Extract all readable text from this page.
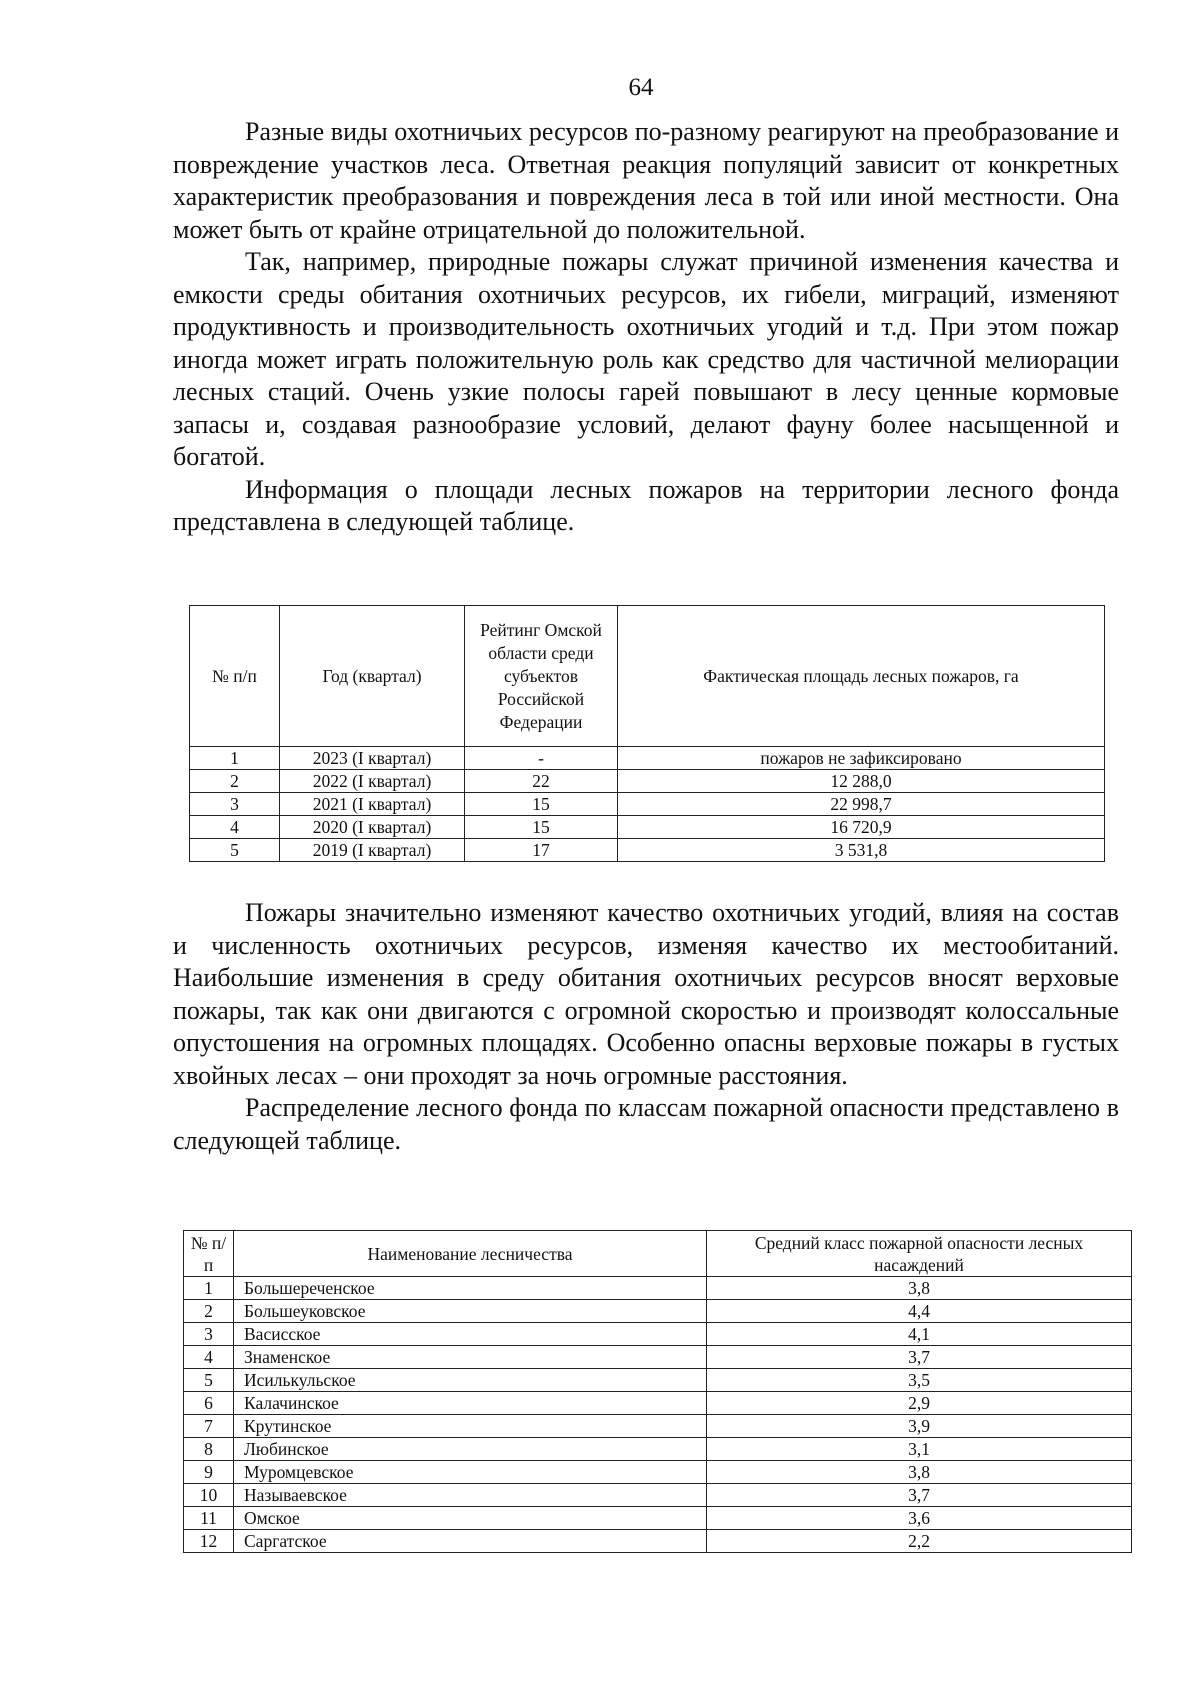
64

Разные виды охотничьих ресурсов по-разному реагируют на преобразование и повреждение участков леса. Ответная реакция популяций зависит от конкретных характеристик преобразования и повреждения леса в той или иной местности. Она может быть от крайне отрицательной до положительной.

Так, например, природные пожары служат причиной изменения качества и емкости среды обитания охотничьих ресурсов, их гибели, миграций, изменяют продуктивность и производительность охотничьих угодий и т.д. При этом пожар иногда может играть положительную роль как средство для частичной мелиорации лесных стаций. Очень узкие полосы гарей повышают в лесу ценные кормовые запасы и, создавая разнообразие условий, делают фауну более насыщенной и богатой.

Информация о площади лесных пожаров на территории лесного фонда представлена в следующей таблице.

№ п/п	Год (квартал)	Рейтинг Омской области среди субъектов Российской Федерации	Фактическая площадь лесных пожаров, га
1	2023 (I квартал)	-	пожаров не зафиксировано
2	2022 (I квартал)	22	12 288,0
3	2021 (I квартал)	15	22 998,7
4	2020 (I квартал)	15	16 720,9
5	2019 (I квартал)	17	3 531,8

Пожары значительно изменяют качество охотничьих угодий, влияя на состав и численность охотничьих ресурсов, изменяя качество их местообитаний. Наибольшие изменения в среду обитания охотничьих ресурсов вносят верховые пожары, так как они двигаются с огромной скоростью и производят колоссальные опустошения на огромных площадях. Особенно опасны верховые пожары в густых хвойных лесах – они проходят за ночь огромные расстояния.

Распределение лесного фонда по классам пожарной опасности представлено в следующей таблице.

№ п/п	Наименование лесничества	Средний класс пожарной опасности лесных насаждений
1	Большереченское	3,8
2	Большеуковское	4,4
3	Васисское	4,1
4	Знаменское	3,7
5	Исилькульское	3,5
6	Калачинское	2,9
7	Крутинское	3,9
8	Любинское	3,1
9	Муромцевское	3,8
10	Называевское	3,7
11	Омское	3,6
12	Саргатское	2,2
